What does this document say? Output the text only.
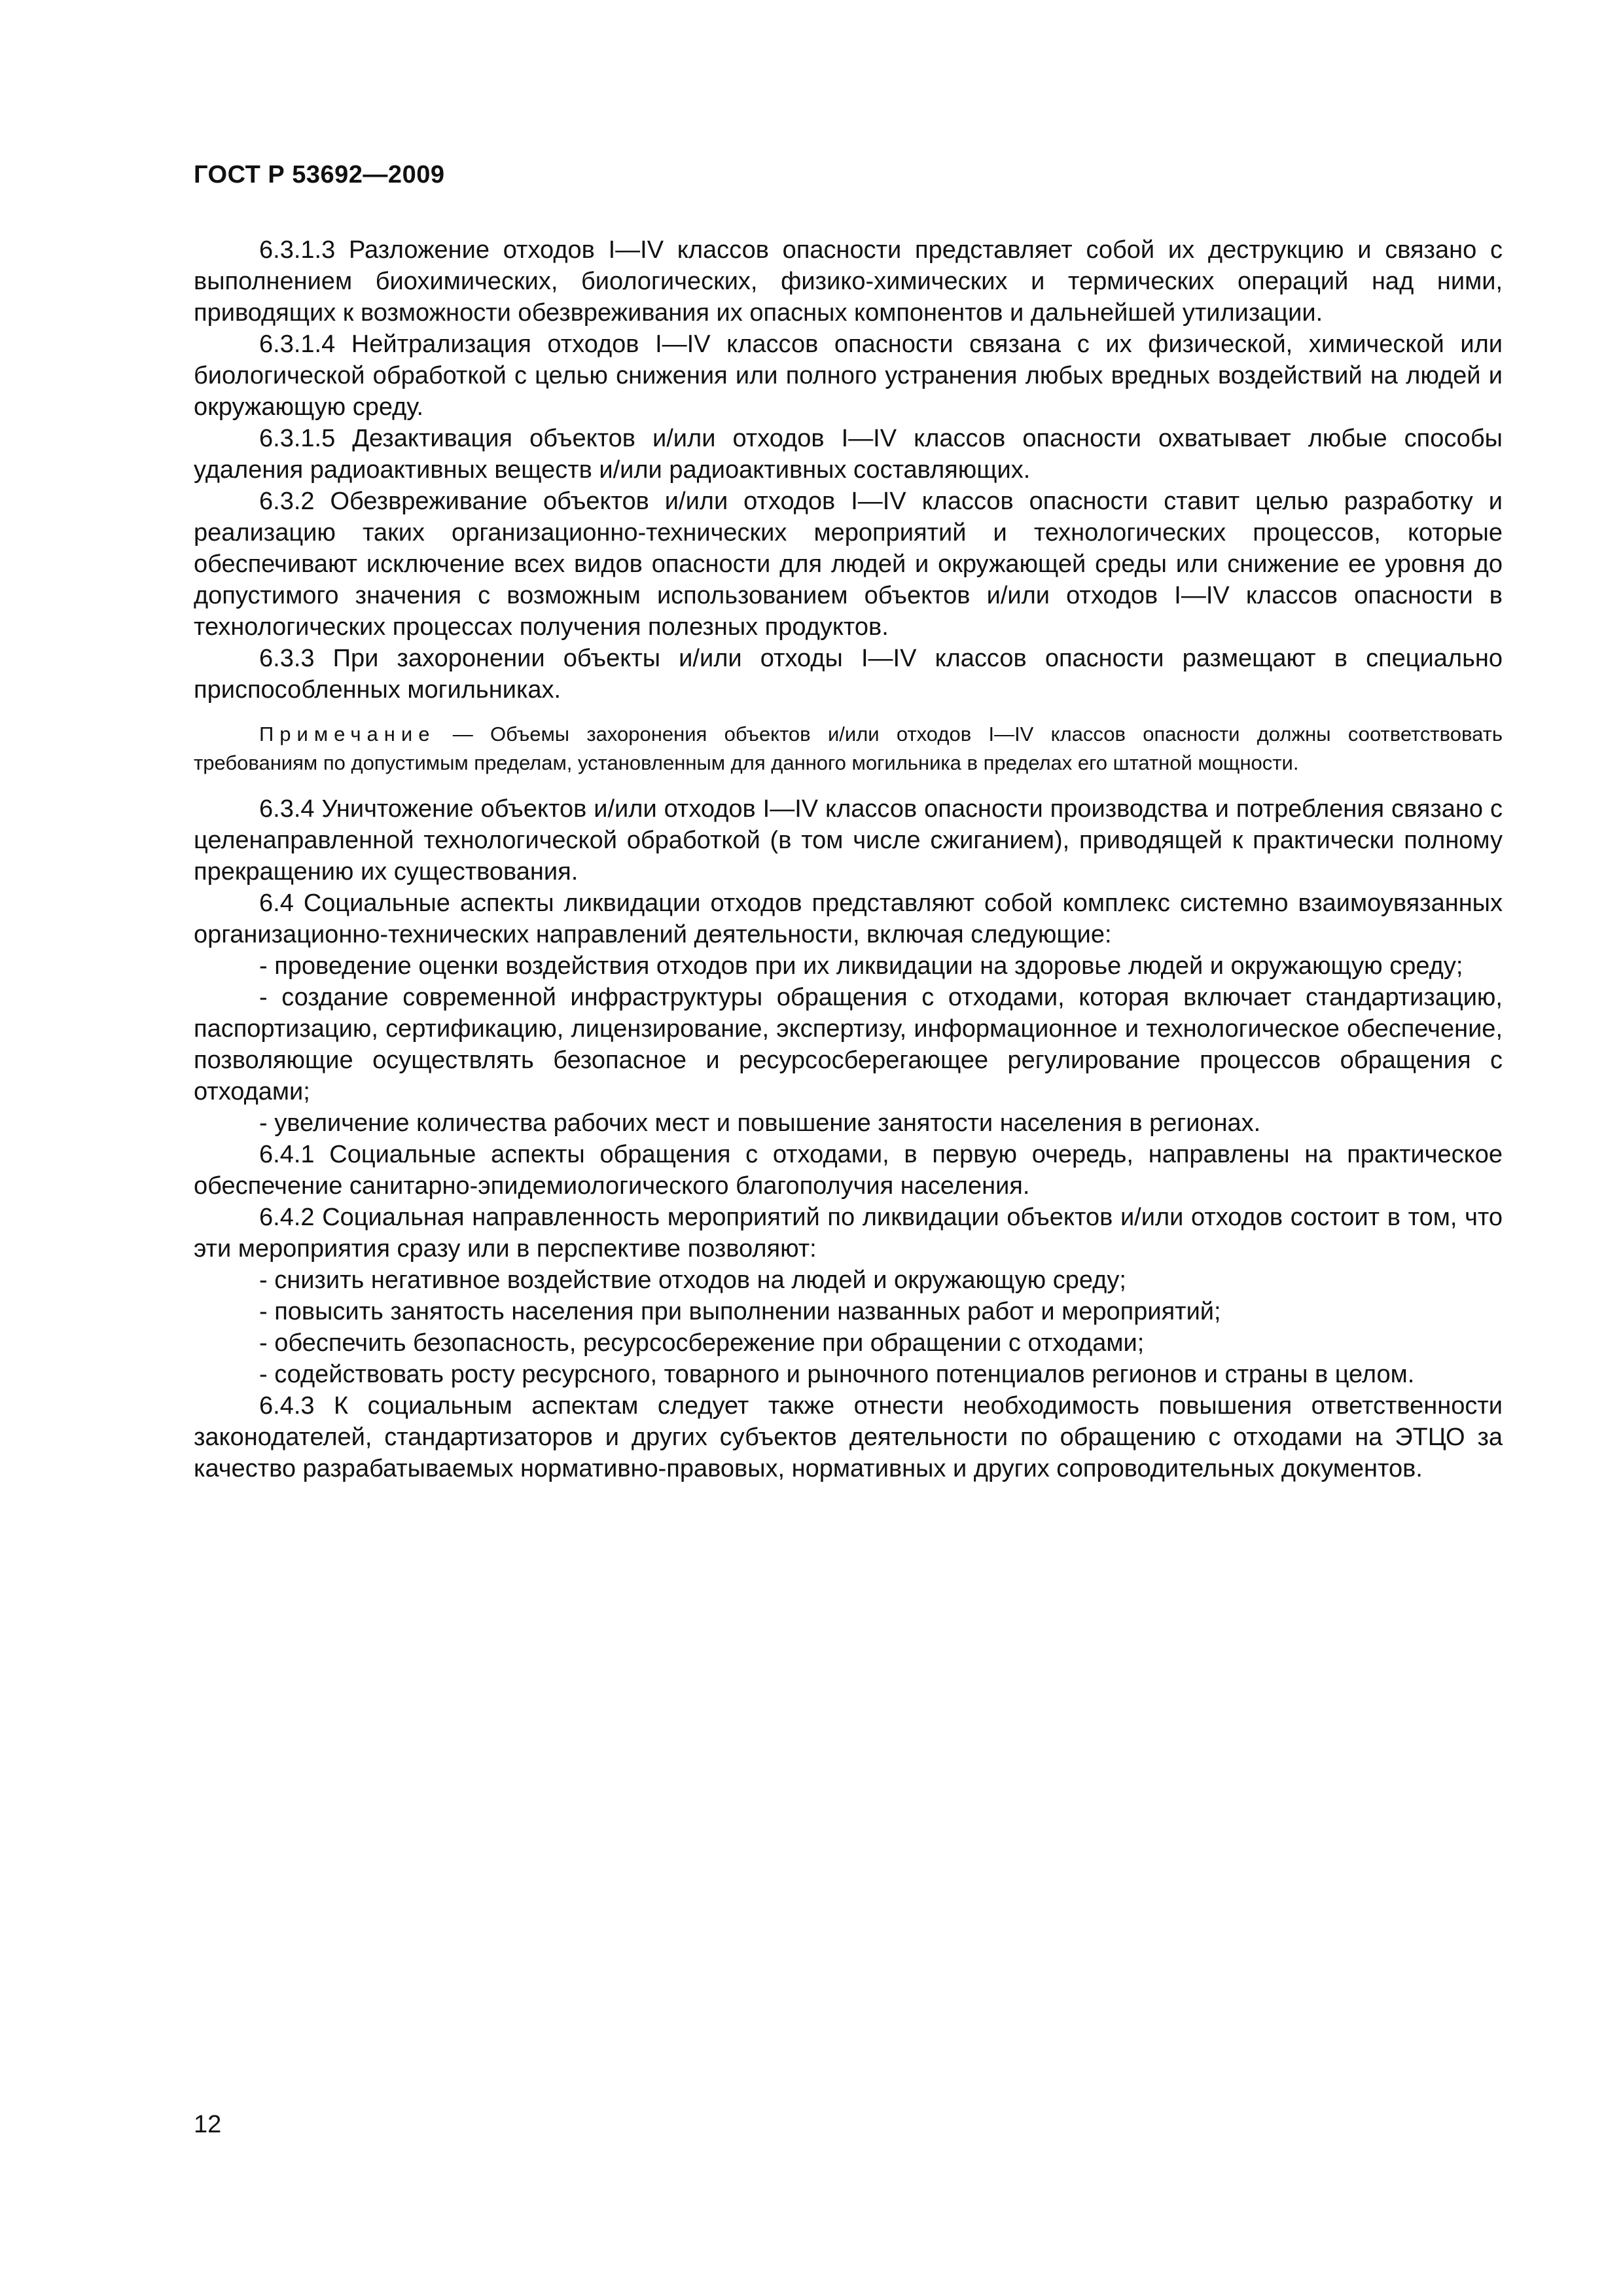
ГОСТ Р 53692—2009

6.3.1.3 Разложение отходов I—IV классов опасности представляет собой их деструкцию и связано с выполнением биохимических, биологических, физико-химических и термических операций над ними, приводящих к возможности обезвреживания их опасных компонентов и дальнейшей утилизации.

6.3.1.4 Нейтрализация отходов I—IV классов опасности связана с их физической, химической или биологической обработкой с целью снижения или полного устранения любых вредных воздействий на людей и окружающую среду.

6.3.1.5 Дезактивация объектов и/или отходов I—IV классов опасности охватывает любые способы удаления радиоактивных веществ и/или радиоактивных составляющих.

6.3.2 Обезвреживание объектов и/или отходов I—IV классов опасности ставит целью разработку и реализацию таких организационно-технических мероприятий и технологических процессов, которые обеспечивают исключение всех видов опасности для людей и окружающей среды или снижение ее уровня до допустимого значения с возможным использованием объектов и/или отходов I—IV классов опасности в технологических процессах получения полезных продуктов.

6.3.3 При захоронении объекты и/или отходы I—IV классов опасности размещают в специально приспособленных могильниках.

Примечание — Объемы захоронения объектов и/или отходов I—IV классов опасности должны соответствовать требованиям по допустимым пределам, установленным для данного могильника в пределах его штатной мощности.

6.3.4 Уничтожение объектов и/или отходов I—IV классов опасности производства и потребления связано с целенаправленной технологической обработкой (в том числе сжиганием), приводящей к практически полному прекращению их существования.

6.4 Социальные аспекты ликвидации отходов представляют собой комплекс системно взаимоувязанных организационно-технических направлений деятельности, включая следующие:

- проведение оценки воздействия отходов при их ликвидации на здоровье людей и окружающую среду;

- создание современной инфраструктуры обращения с отходами, которая включает стандартизацию, паспортизацию, сертификацию, лицензирование, экспертизу, информационное и технологическое обеспечение, позволяющие осуществлять безопасное и ресурсосберегающее регулирование процессов обращения с отходами;

- увеличение количества рабочих мест и повышение занятости населения в регионах.

6.4.1 Социальные аспекты обращения с отходами, в первую очередь, направлены на практическое обеспечение санитарно-эпидемиологического благополучия населения.

6.4.2 Социальная направленность мероприятий по ликвидации объектов и/или отходов состоит в том, что эти мероприятия сразу или в перспективе позволяют:

- снизить негативное воздействие отходов на людей и окружающую среду;

- повысить занятость населения при выполнении названных работ и мероприятий;

- обеспечить безопасность, ресурсосбережение при обращении с отходами;

- содействовать росту ресурсного, товарного и рыночного потенциалов регионов и страны в целом.

6.4.3 К социальным аспектам следует также отнести необходимость повышения ответственности законодателей, стандартизаторов и других субъектов деятельности по обращению с отходами на ЭТЦО за качество разрабатываемых нормативно-правовых, нормативных и других сопроводительных документов.

12
